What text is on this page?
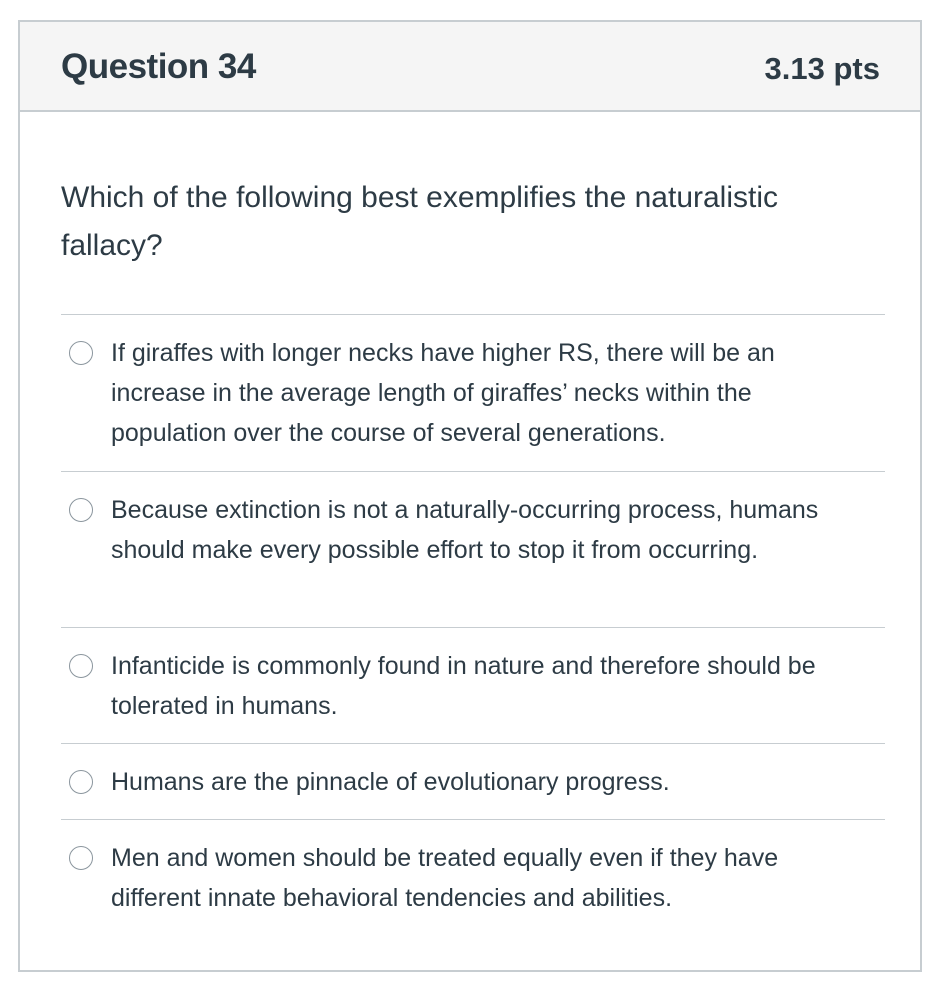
Question 34	3.13 pts
Which of the following best exemplifies the naturalistic fallacy?
If giraffes with longer necks have higher RS, there will be an increase in the average length of giraffes’ necks within the population over the course of several generations.
Because extinction is not a naturally-occurring process, humans should make every possible effort to stop it from occurring.
Infanticide is commonly found in nature and therefore should be tolerated in humans.
Humans are the pinnacle of evolutionary progress.
Men and women should be treated equally even if they have different innate behavioral tendencies and abilities.
